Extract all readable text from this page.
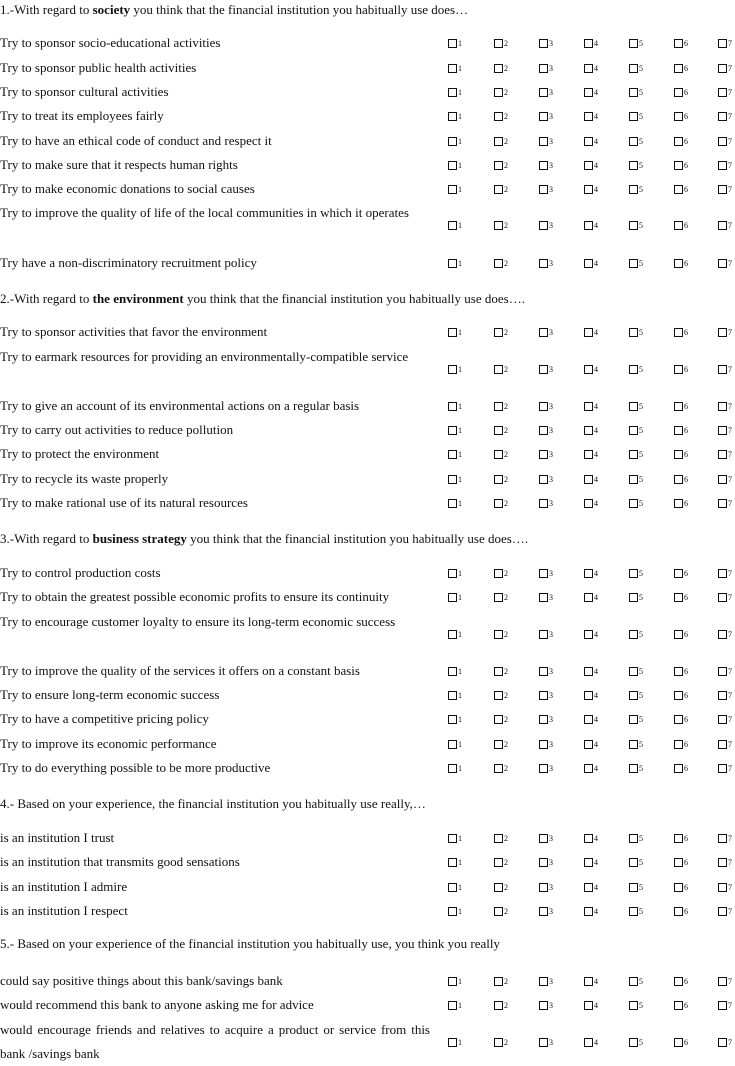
1.-With regard to society you think that the financial institution you habitually use does…
Try to sponsor socio-educational activities	1	2	3	4	5	6	7
Try to sponsor public health activities	1	2	3	4	5	6	7
Try to sponsor cultural activities	1	2	3	4	5	6	7
Try to treat its employees fairly	1	2	3	4	5	6	7
Try to have an ethical code of conduct and respect it	1	2	3	4	5	6	7
Try to make sure that it respects human rights	1	2	3	4	5	6	7
Try to make economic donations to social causes	1	2	3	4	5	6	7
Try to improve the quality of life of the local communities in which it operates
1	2	3	4	5	6	7
Try have a non-discriminatory recruitment policy	1	2	3	4	5	6	7
2.-With regard to the environment you think that the financial institution you habitually use does….
Try to sponsor activities that favor the environment	1	2	3	4	5	6	7
Try to earmark resources for providing an environmentally-compatible service
1	2	3	4	5	6	7
Try to give an account of its environmental actions on a regular basis	1	2	3	4	5	6	7
Try to carry out activities to reduce pollution	1	2	3	4	5	6	7
Try to protect the environment	1	2	3	4	5	6	7
Try to recycle its waste properly	1	2	3	4	5	6	7
Try to make rational use of its natural resources	1	2	3	4	5	6	7
3.-With regard to business strategy you think that the financial institution you habitually use does….
Try to control production costs	1	2	3	4	5	6	7
Try to obtain the greatest possible economic profits to ensure its continuity	1	2	3	4	5	6	7
Try to encourage customer loyalty to ensure its long-term economic success
1	2	3	4	5	6	7
Try to improve the quality of the services it offers on a constant basis	1	2	3	4	5	6	7
Try to ensure long-term economic success	1	2	3	4	5	6	7
Try to have a competitive pricing policy	1	2	3	4	5	6	7
Try to improve its economic performance	1	2	3	4	5	6	7
Try to do everything possible to be more productive	1	2	3	4	5	6	7
4.- Based on your experience, the financial institution you habitually use really,…
is an institution I trust	1	2	3	4	5	6	7
is an institution that transmits good sensations	1	2	3	4	5	6	7
is an institution I admire	1	2	3	4	5	6	7
is an institution I respect	1	2	3	4	5	6	7
5.- Based on your experience of the financial institution you habitually use, you think you really
could say positive things about this bank/savings bank	1	2	3	4	5	6	7
would recommend this bank to anyone asking me for advice	1	2	3	4	5	6	7
would encourage friends and relatives to acquire a product or service from this bank /savings bank
1	2	3	4	5	6	7
